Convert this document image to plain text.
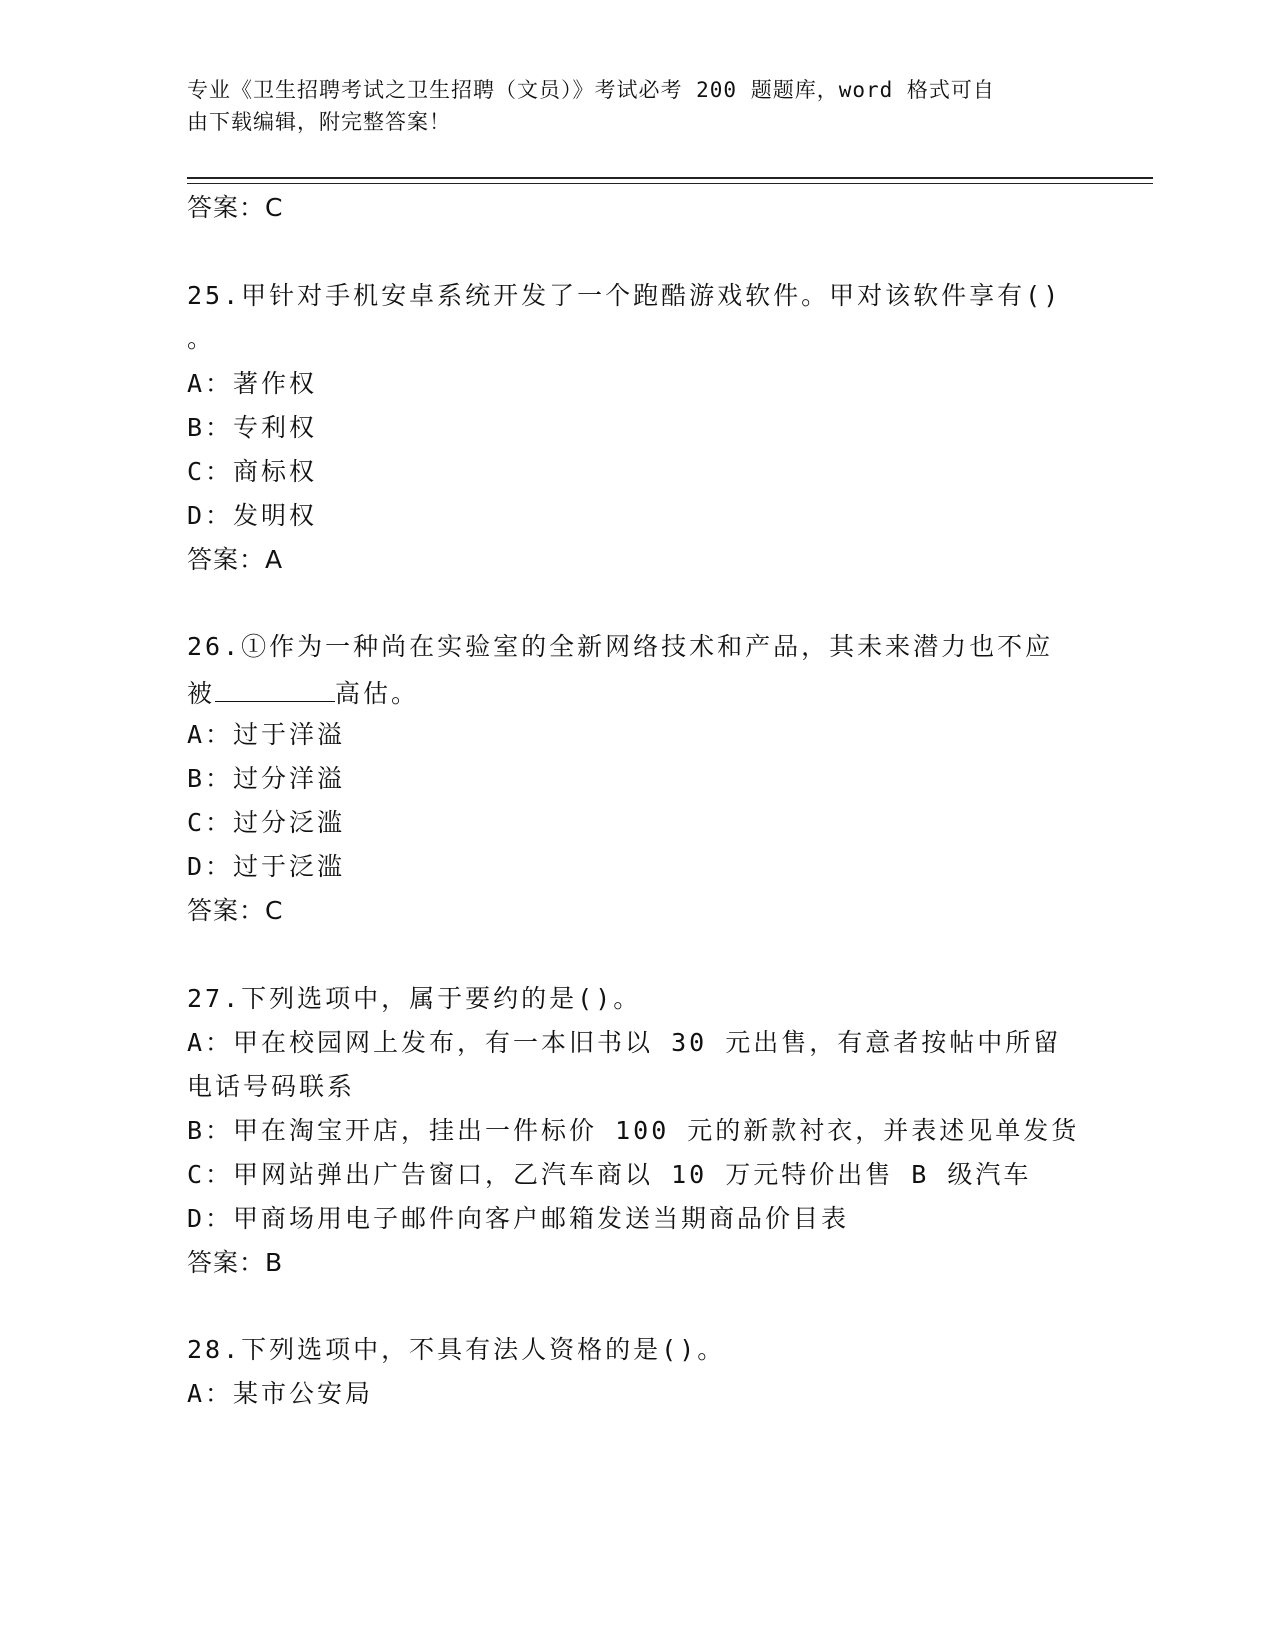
专业《卫生招聘考试之卫生招聘（文员）》考试必考 200 题题库，word 格式可自
由下载编辑，附完整答案！
答案：C
25.甲针对手机安卓系统开发了一个跑酷游戏软件。甲对该软件享有()
。
A：著作权
B：专利权
C：商标权
D：发明权
答案：A
26.①作为一种尚在实验室的全新网络技术和产品，其未来潜力也不应
被	高估。
A：过于洋溢
B：过分洋溢
C：过分泛滥
D：过于泛滥
答案：C
27.下列选项中，属于要约的是()。
A：甲在校园网上发布，有一本旧书以 30 元出售，有意者按帖中所留
电话号码联系
B：甲在淘宝开店，挂出一件标价 100 元的新款衬衣，并表述见单发货
C：甲网站弹出广告窗口，乙汽车商以 10 万元特价出售 B 级汽车
D：甲商场用电子邮件向客户邮箱发送当期商品价目表
答案：B
28.下列选项中，不具有法人资格的是()。
A：某市公安局
